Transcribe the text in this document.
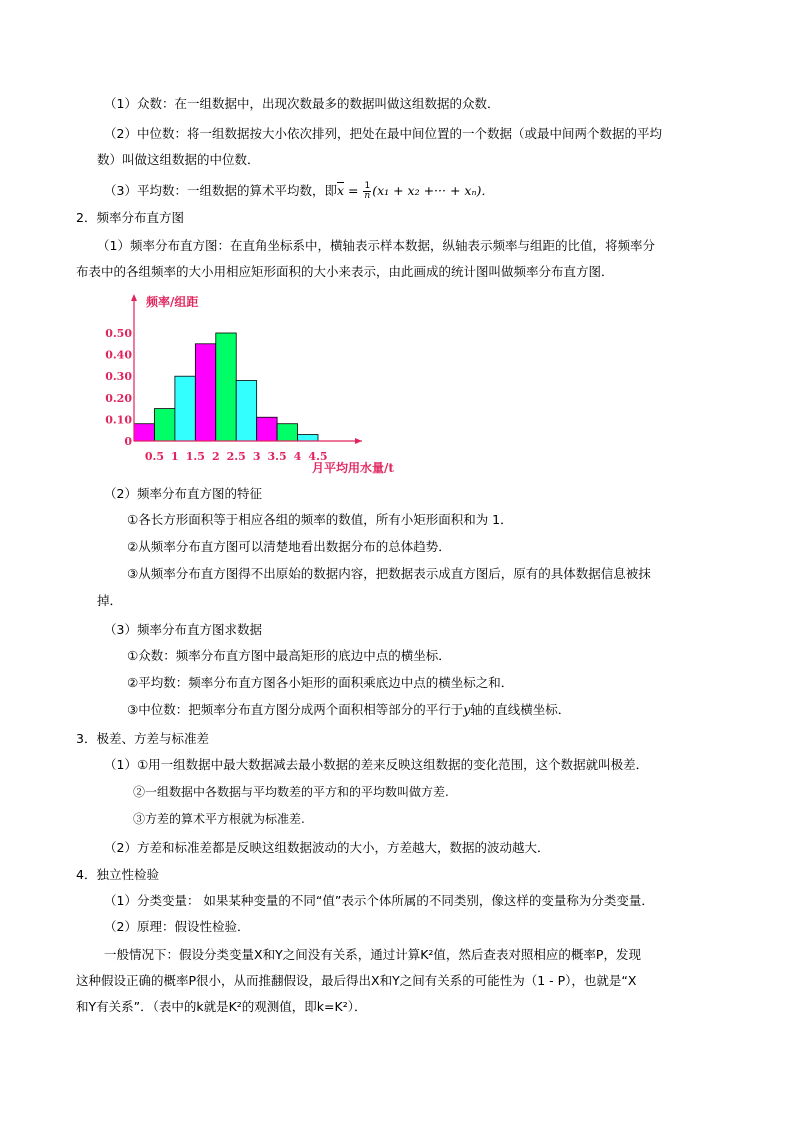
（1）众数：在一组数据中，出现次数最多的数据叫做这组数据的众数．
（2）中位数：将一组数据按大小依次排列，把处在最中间位置的一个数据（或最中间两个数据的平均
数）叫做这组数据的中位数．
（3）平均数：一组数据的算术平均数，即$\overline{x} = \frac{1}{n} (x_1 + x_2$ +··· + xₙ)．
2．频率分布直方图
（1）频率分布直方图：在直角坐标系中，横轴表示样本数据，纵轴表示频率与组距的比值，将频率分
布表中的各组频率的大小用相应矩形面积的大小来表示，由此画成的统计图叫做频率分布直方图．
0.50
0.40
0.30
0.20
0.10
0
0.5 1 1.5 2 2.5 3 3.5 4 4.5
频率/组距
月平均用水量/t
（2）频率分布直方图的特征
①各长方形面积等于相应各组的频率的数值，所有小矩形面积和为 1．
②从频率分布直方图可以清楚地看出数据分布的总体趋势．
③从频率分布直方图得不出原始的数据内容，把数据表示成直方图后，原有的具体数据信息被抹
掉．
（3）频率分布直方图求数据
①众数：频率分布直方图中最高矩形的底边中点的横坐标．
②平均数：频率分布直方图各小矩形的面积乘底边中点的横坐标之和．
③中位数：把频率分布直方图分成两个面积相等部分的平行于y轴的直线横坐标．
3．极差、方差与标准差
（1）①用一组数据中最大数据减去最小数据的差来反映这组数据的变化范围，这个数据就叫极差．
②一组数据中各数据与平均数差的平方和的平均数叫做方差.
③方差的算术平方根就为标准差.
（2）方差和标准差都是反映这组数据波动的大小，方差越大，数据的波动越大．
4．独立性检验
（1）分类变量： 如果某种变量的不同“值”表示个体所属的不同类别，像这样的变量称为分类变量．
（2）原理：假设性检验．
一般情况下：假设分类变量X和Y之间没有关系，通过计算K²值，然后查表对照相应的概率P，发现
这种假设正确的概率P很小，从而推翻假设，最后得出X和Y之间有关系的可能性为（1 - P），也就是“X
和Y有关系”．（表中的k就是K²的观测值，即k=K²）．
